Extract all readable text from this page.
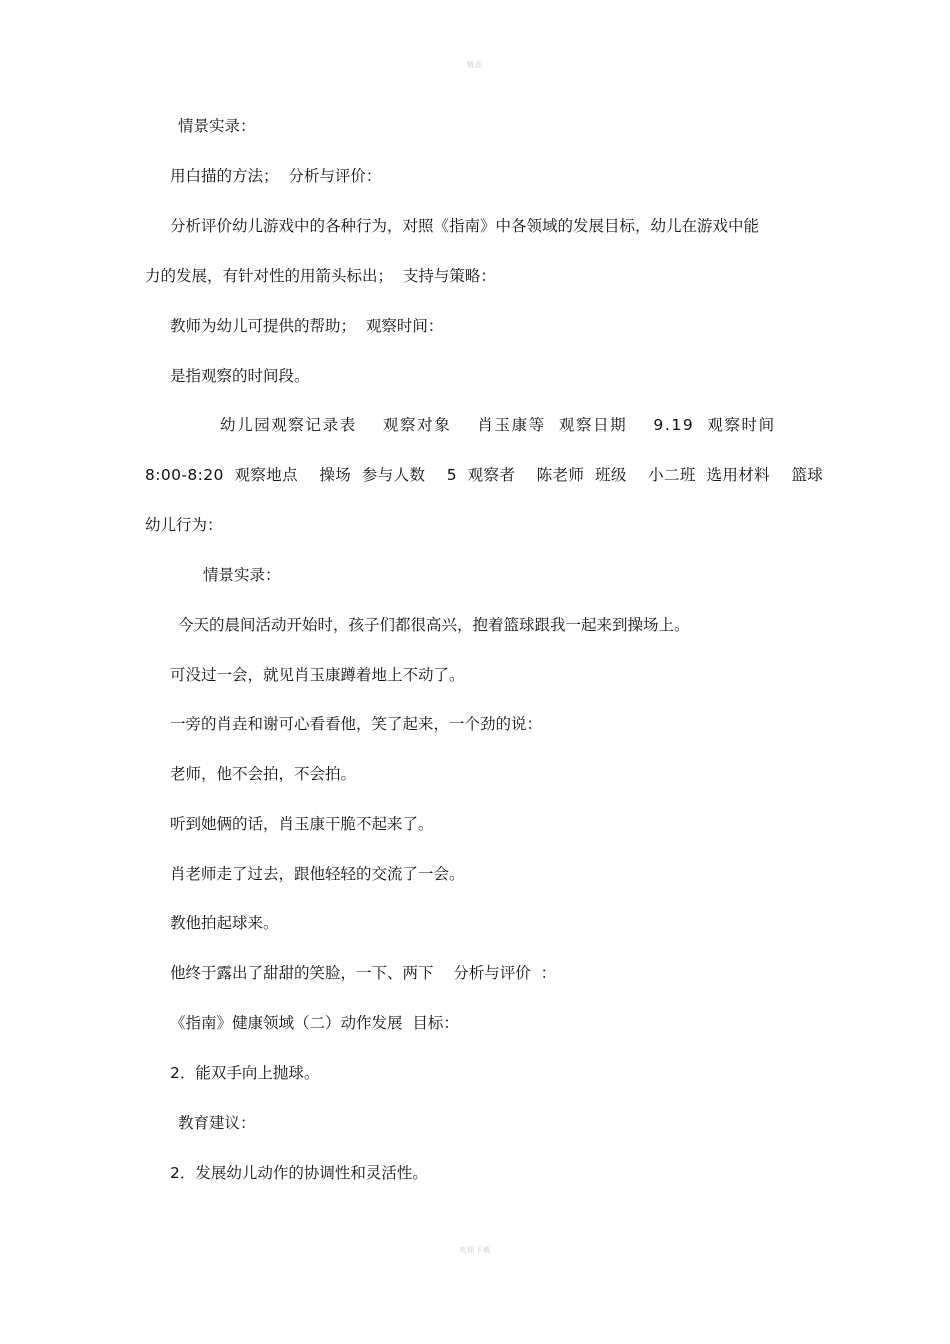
精品
情景实录：
用白描的方法；  分析与评价：
分析评价幼儿游戏中的各种行为，对照《指南》中各领域的发展目标，幼儿在游戏中能
力的发展，有针对性的用箭头标出；  支持与策略：
教师为幼儿可提供的帮助；  观察时间：
是指观察的时间段。
幼儿园观察记录表    观察对象    肖玉康等  观察日期    9.19  观察时间
8:00-8:20  观察地点    操场  参与人数    5  观察者    陈老师  班级    小二班  选用材料    篮球
幼儿行为：
情景实录：
今天的晨间活动开始时，孩子们都很高兴，抱着篮球跟我一起来到操场上。
可没过一会，就见肖玉康蹲着地上不动了。
一旁的肖垚和谢可心看看他，笑了起来，一个劲的说：
老师，他不会拍，不会拍。
听到她俩的话，肖玉康干脆不起来了。
肖老师走了过去，跟他轻轻的交流了一会。
教他拍起球来。
他终于露出了甜甜的笑脸，一下、两下    分析与评价  ：
《指南》健康领域（二）动作发展  目标：
2．能双手向上抛球。
教育建议：
2．发展幼儿动作的协调性和灵活性。
欢迎下载
